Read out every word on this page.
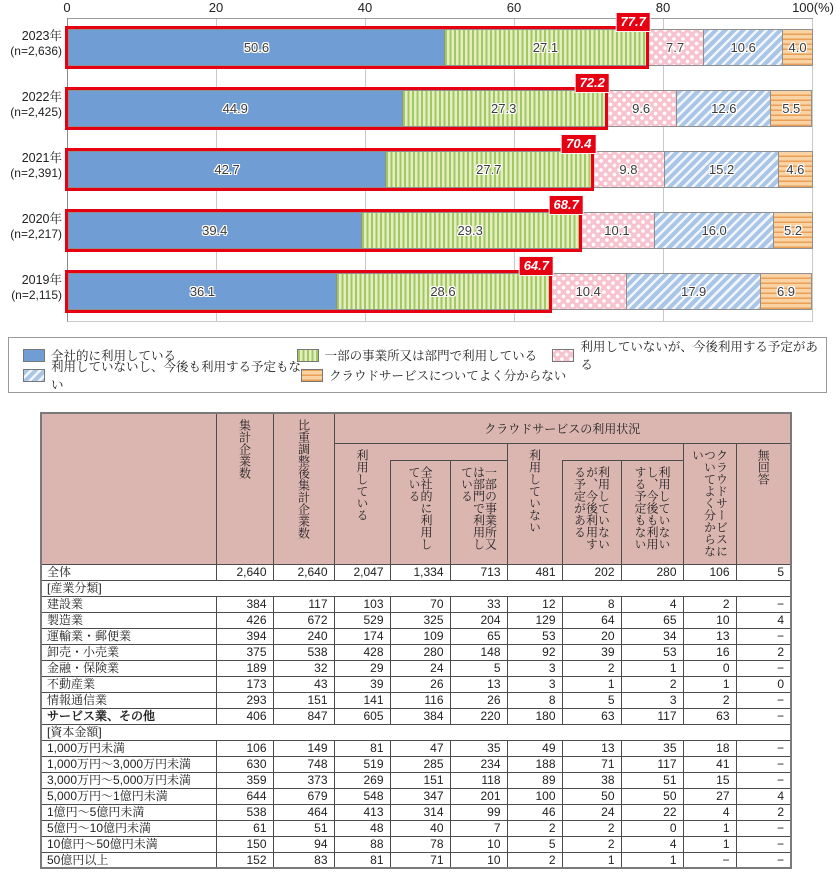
0	20	40	60	80	100(%)
50.6	27.1	7.7	10.6	4.0
77.7
44.9	27.3	9.6	12.6	5.5
72.2
42.7	27.7	9.8	15.2	4.6
70.4
39.4	29.3	10.1	16.0	5.2
68.7
36.1	28.6	10.4	17.9	6.9
64.7
2023年
(n=2,636)
2022年
(n=2,425)
2021年
(n=2,391)
2020年
(n=2,217)
2019年
(n=2,115)
全社的に利用している	一部の事業所又は部門で利用している
利用していないが、今後利用する予定がある
利用していないし、今後も利用する予定もない
クラウドサービスについてよく分からない
	集計企業数	比重調整後集計企業数	クラウドサービスの利用状況							
			利用している			利用していない			クラウドサービスについてよく分からない	無回答
				全社的に利用している	一部の事業所又は部門で利用している		利用していないが、今後利用する予定がある	利用していないし、今後も利用する予定もない		
全体	2,640	2,640	2,047	1,334	713	481	202	280	106	5
[産業分類]										
建設業	384	117	103	70	33	12	8	4	2	−
製造業	426	672	529	325	204	129	64	65	10	4
運輸業・郵便業	394	240	174	109	65	53	20	34	13	−
卸売・小売業	375	538	428	280	148	92	39	53	16	2
金融・保険業	189	32	29	24	5	3	2	1	0	−
不動産業	173	43	39	26	13	3	1	2	1	0
情報通信業	293	151	141	116	26	8	5	3	2	−
サービス業、その他	406	847	605	384	220	180	63	117	63	−
[資本金額]										
1,000万円未満	106	149	81	47	35	49	13	35	18	−
1,000万円〜3,000万円未満	630	748	519	285	234	188	71	117	41	−
3,000万円〜5,000万円未満	359	373	269	151	118	89	38	51	15	−
5,000万円〜1億円未満	644	679	548	347	201	100	50	50	27	4
1億円〜5億円未満	538	464	413	314	99	46	24	22	4	2
5億円〜10億円未満	61	51	48	40	7	2	2	0	1	−
10億円〜50億円未満	150	94	88	78	10	5	2	4	1	−
50億円以上	152	83	81	71	10	2	1	1	−	−
